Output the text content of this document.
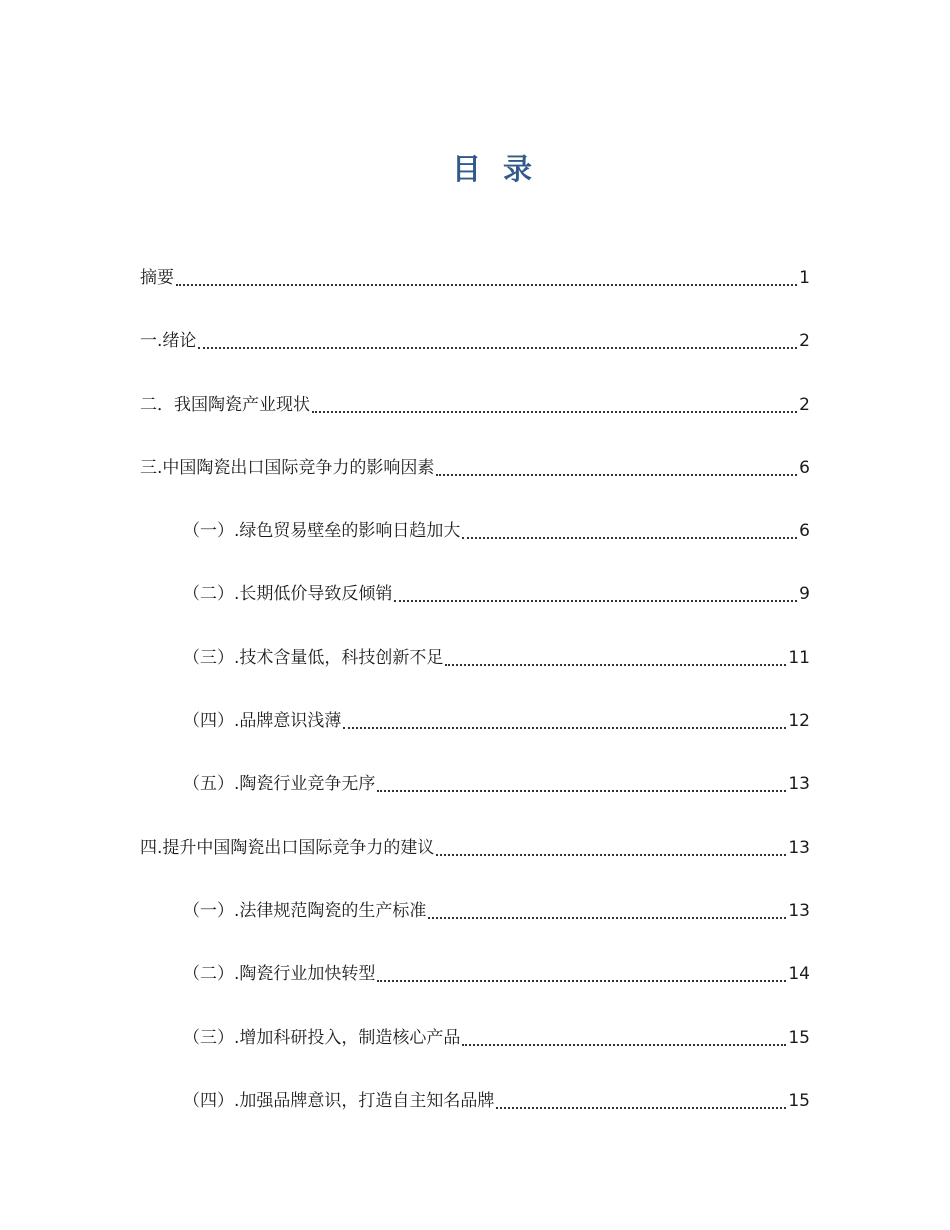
目 录
摘要	1
一.绪论	2
二．我国陶瓷产业现状	2
三.中国陶瓷出口国际竞争力的影响因素	6
（一）.绿色贸易壁垒的影响日趋加大	6
（二）.长期低价导致反倾销	9
（三）.技术含量低，科技创新不足	11
（四）.品牌意识浅薄	12
（五）.陶瓷行业竞争无序	13
四.提升中国陶瓷出口国际竞争力的建议	13
（一）.法律规范陶瓷的生产标准	13
（二）.陶瓷行业加快转型	14
（三）.增加科研投入，制造核心产品	15
（四）.加强品牌意识，打造自主知名品牌	15
